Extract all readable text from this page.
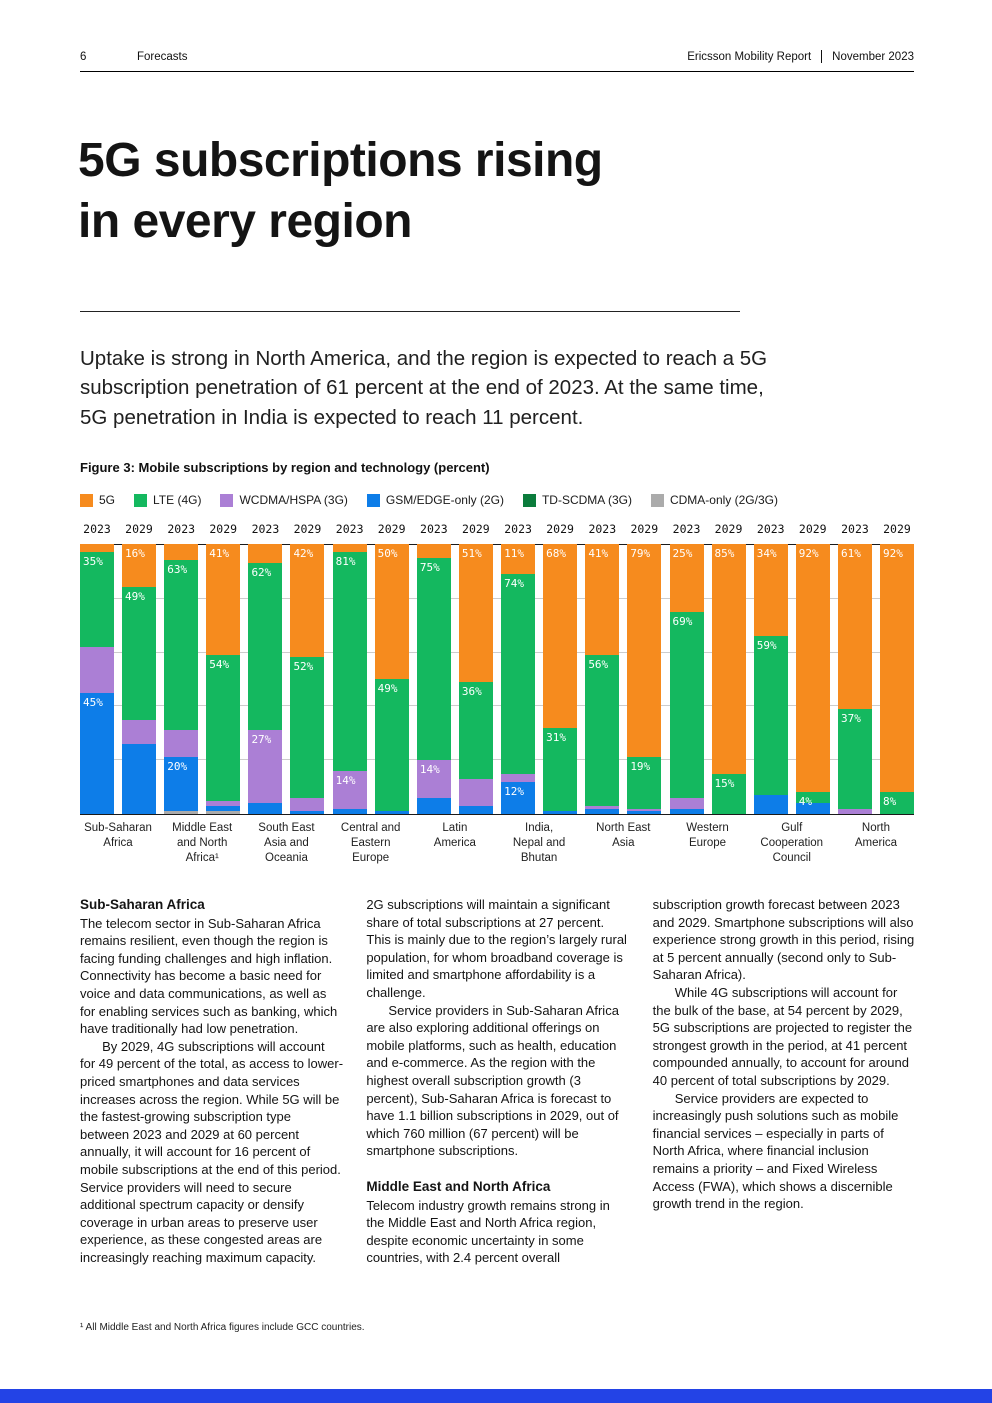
6	Forecasts	Ericsson Mobility Report November 2023
5G subscriptions rising
in every region

Uptake is strong in North America, and the region is expected to reach a 5G subscription penetration of 61 percent at the end of 2023. At the same time, 5G penetration in India is expected to reach 11 percent.

Figure 3: Mobile subscriptions by region and technology (percent)
5G	LTE (4G)	WCDMA/HSPA (3G)	GSM/EDGE-only (2G)	TD-SCDMA (3G)	CDMA-only (2G/3G)
2023 2029
45%
35%
49%
16%
Sub-Saharan
Africa
2023 2029
20%
63%
54%
41%
Middle East
and North
Africa¹
2023 2029
27%
62%
52%
42%
South East
Asia and
Oceania
2023 2029
14%
81%
49%
50%
Central and
Eastern
Europe
2023 2029
14%
75%
36%
51%
Latin
America
2023 2029
12%
74%
11%
31%
68%
India,
Nepal and
Bhutan
2023 2029
56%
41%
19%
79%
North East
Asia
2023 2029
69%
25%
15%
85%
Western
Europe
2023 2029
59%
34%
4%
92%
Gulf
Cooperation
Council
2023 2029
37%
61%
8%
92%
North
America
Sub-Saharan Africa

The telecom sector in Sub-Saharan Africa remains resilient, even though the region is facing funding challenges and high inflation. Connectivity has become a basic need for voice and data communications, as well as for enabling services such as banking, which have traditionally had low penetration.

By 2029, 4G subscriptions will account for 49 percent of the total, as access to lower-priced smartphones and data services increases across the region. While 5G will be the fastest-growing subscription type between 2023 and 2029 at 60 percent annually, it will account for 16 percent of mobile subscriptions at the end of this period. Service providers will need to secure additional spectrum capacity or densify coverage in urban areas to preserve user experience, as these congested areas are increasingly reaching maximum capacity.

2G subscriptions will maintain a significant share of total subscriptions at 27 percent. This is mainly due to the region’s largely rural population, for whom broadband coverage is limited and smartphone affordability is a challenge.

Service providers in Sub-Saharan Africa are also exploring additional offerings on mobile platforms, such as health, education and e-commerce. As the region with the highest overall subscription growth (3 percent), Sub-Saharan Africa is forecast to have 1.1 billion subscriptions in 2029, out of which 760 million (67 percent) will be smartphone subscriptions.

Middle East and North Africa

Telecom industry growth remains strong in the Middle East and North Africa region, despite economic uncertainty in some countries, with 2.4 percent overall

subscription growth forecast between 2023 and 2029. Smartphone subscriptions will also experience strong growth in this period, rising at 5 percent annually (second only to Sub-Saharan Africa).

While 4G subscriptions will account for the bulk of the base, at 54 percent by 2029, 5G subscriptions are projected to register the strongest growth in the period, at 41 percent compounded annually, to account for around 40 percent of total subscriptions by 2029.

Service providers are expected to increasingly push solutions such as mobile financial services – especially in parts of North Africa, where financial inclusion remains a priority – and Fixed Wireless Access (FWA), which shows a discernible growth trend in the region.

¹ All Middle East and North Africa figures include GCC countries.
